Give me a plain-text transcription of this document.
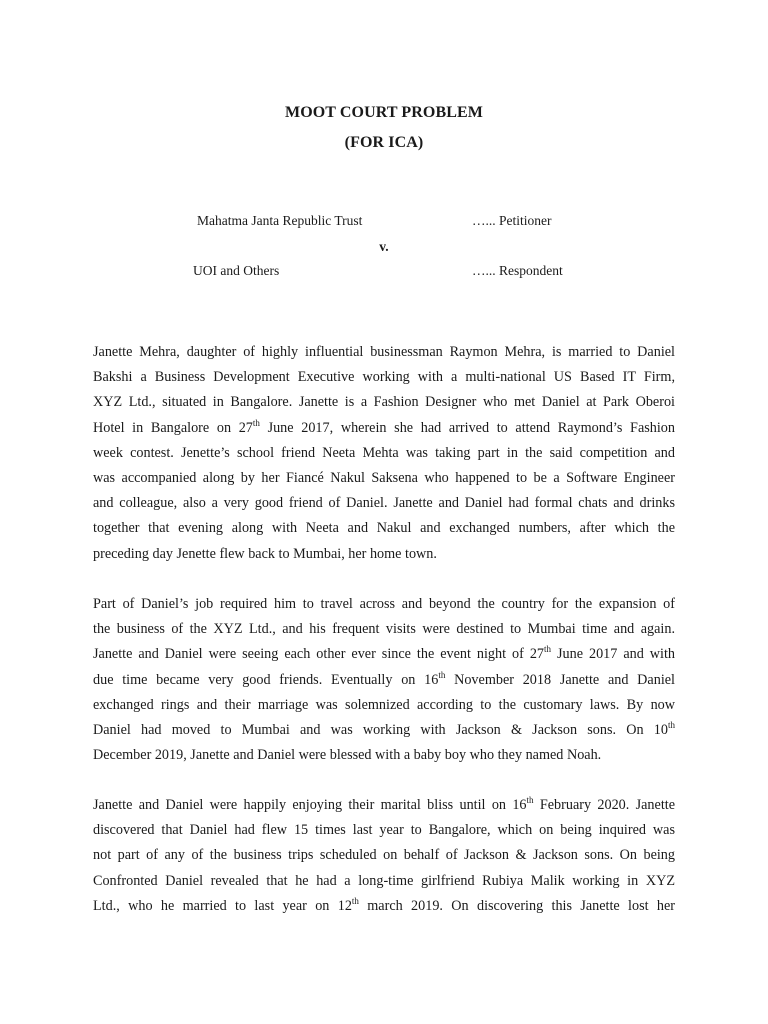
MOOT COURT PROBLEM
(FOR ICA)
Mahatma Janta Republic Trust	…... Petitioner
v.
UOI and Others	…... Respondent
Janette Mehra, daughter of highly influential businessman Raymon Mehra, is married to Daniel
Bakshi a Business Development Executive working with a multi-national US Based IT Firm,
XYZ Ltd., situated in Bangalore. Janette is a Fashion Designer who met Daniel at Park Oberoi
Hotel in Bangalore on 27th June 2017, wherein she had arrived to attend Raymond’s Fashion
week contest. Jenette’s school friend Neeta Mehta was taking part in the said competition and
was accompanied along by her Fiancé Nakul Saksena who happened to be a Software Engineer
and colleague, also a very good friend of Daniel. Janette and Daniel had formal chats and drinks
together that evening along with Neeta and Nakul and exchanged numbers, after which the
preceding day Jenette flew back to Mumbai, her home town.
Part of Daniel’s job required him to travel across and beyond the country for the expansion of
the business of the XYZ Ltd., and his frequent visits were destined to Mumbai time and again.
Janette and Daniel were seeing each other ever since the event night of 27th June 2017 and with
due time became very good friends. Eventually on 16th November 2018 Janette and Daniel
exchanged rings and their marriage was solemnized according to the customary laws. By now
Daniel had moved to Mumbai and was working with Jackson & Jackson sons. On 10th
December 2019, Janette and Daniel were blessed with a baby boy who they named Noah.
Janette and Daniel were happily enjoying their marital bliss until on 16th February 2020. Janette
discovered that Daniel had flew 15 times last year to Bangalore, which on being inquired was
not part of any of the business trips scheduled on behalf of Jackson & Jackson sons. On being
Confronted Daniel revealed that he had a long-time girlfriend Rubiya Malik working in XYZ
Ltd., who he married to last year on 12th march 2019. On discovering this Janette lost her
